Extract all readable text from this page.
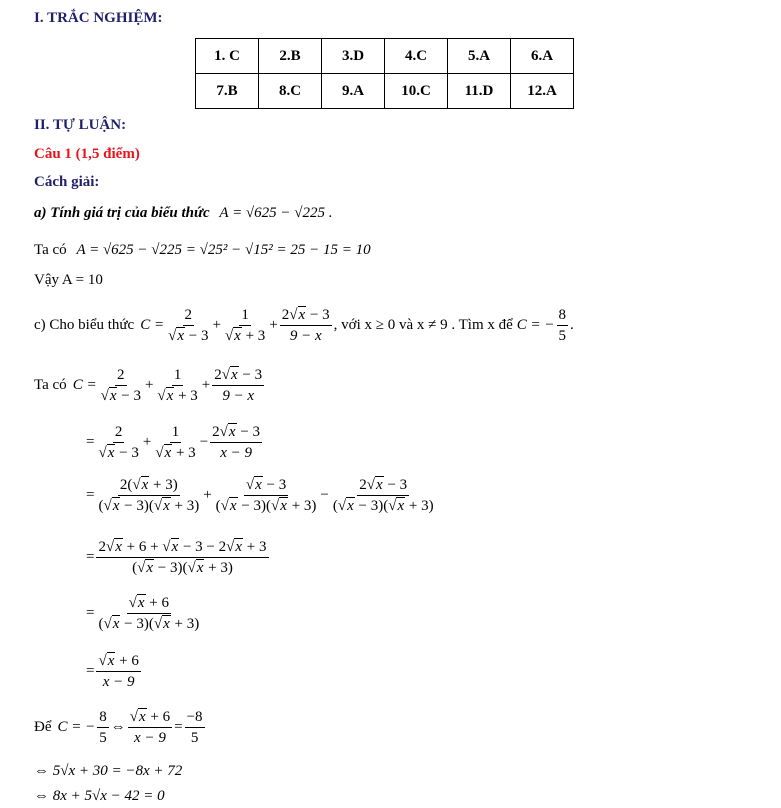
I. TRẮC NGHIỆM:
1. C	2.B	3.D	4.C	5.A	6.A
7.B	8.C	9.A	10.C	11.D	12.A
II. TỰ LUẬN:
Câu 1 (1,5 điểm)
Cách giải:
a) Tính giá trị của biểu thức A = √625 − √225 .
Ta có A = √625 − √225 = √25² − √15² = 25 − 15 = 10
Vậy A = 10
c) Cho biểu thức $C = \frac{2}{√x - 3}$ +
1
√x + 3
+
2√x − 3
9 − x
, với x ≥ 0 và x ≠ 9 . Tìm x để C = − $\frac{8}{5}$ .
Ta có $C = \frac{2}{√x - 3}$ +
1
√x + 3
+
2√x − 3
9 − x
=
2
√x − 3
+
1
√x + 3
−
2√x − 3
x − 9
=
2(√x + 3)
(√x − 3)(√x + 3)
+
√x − 3
(√x − 3)(√x + 3)
−
2√x − 3
(√x − 3)(√x + 3)
=
2√x + 6 + √x − 3 − 2√x + 3
(√x − 3)(√x + 3)
=
√x + 6
(√x − 3)(√x + 3)
=
√x + 6
x − 9
Để C = − $\frac{8}{5}$ ⇔
√x + 6
x − 9
=
−8
5
⇔ 5√x + 30 = −8x + 72
⇔ 8x + 5√x − 42 = 0
